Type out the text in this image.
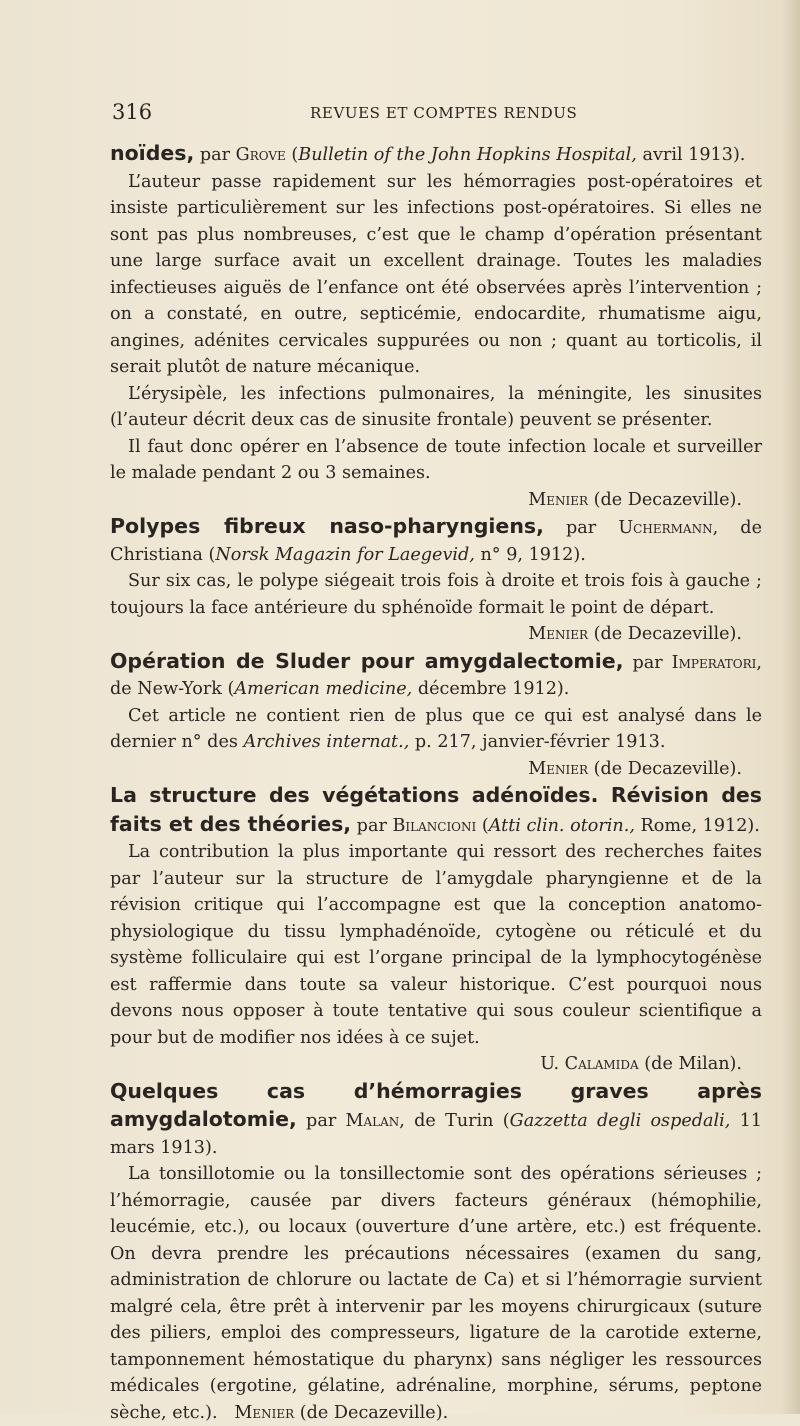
316	REVUES ET COMPTES RENDUS

noïdes, par Grove (Bulletin of the John Hopkins Hospital, avril 1913).

L’auteur passe rapidement sur les hémorragies post-opératoires et insiste particulièrement sur les infections post-opératoires. Si elles ne sont pas plus nombreuses, c’est que le champ d’opération présentant une large surface avait un excellent drainage. Toutes les maladies infectieuses aiguës de l’enfance ont été observées après l’intervention ; on a constaté, en outre, septicémie, endocardite, rhumatisme aigu, angines, adénites cervicales suppurées ou non ; quant au torticolis, il serait plutôt de nature mécanique.

L’érysipèle, les infections pulmonaires, la méningite, les sinusites (l’auteur décrit deux cas de sinusite frontale) peuvent se présenter.

Il faut donc opérer en l’absence de toute infection locale et surveiller le malade pendant 2 ou 3 semaines.

Menier (de Decazeville).

Polypes fibreux naso-pharyngiens, par Uchermann, de Christiana (Norsk Magazin for Laegevid, n° 9, 1912).

Sur six cas, le polype siégeait trois fois à droite et trois fois à gauche ; toujours la face antérieure du sphénoïde formait le point de départ.

Menier (de Decazeville).

Opération de Sluder pour amygdalectomie, par Imperatori, de New-York (American medicine, décembre 1912).

Cet article ne contient rien de plus que ce qui est analysé dans le dernier n° des Archives internat., p. 217, janvier-février 1913.

Menier (de Decazeville).

La structure des végétations adénoïdes. Révision des faits et des théories, par Bilancioni (Atti clin. otorin., Rome, 1912).

La contribution la plus importante qui ressort des recherches faites par l’auteur sur la structure de l’amygdale pharyngienne et de la révision critique qui l’accompagne est que la conception anatomo-physiologique du tissu lymphadénoïde, cytogène ou réticulé et du système folliculaire qui est l’organe principal de la lymphocytogénèse est raffermie dans toute sa valeur historique. C’est pourquoi nous devons nous opposer à toute tentative qui sous couleur scientifique a pour but de modifier nos idées à ce sujet.

U. Calamida (de Milan).

Quelques cas d’hémorragies graves après amygdalotomie, par Malan, de Turin (Gazzetta degli ospedali, 11 mars 1913).

La tonsillotomie ou la tonsillectomie sont des opérations sérieuses ; l’hémorragie, causée par divers facteurs généraux (hémophilie, leucémie, etc.), ou locaux (ouverture d’une artère, etc.) est fréquente. On devra prendre les précautions nécessaires (examen du sang, administration de chlorure ou lactate de Ca) et si l’hémorragie survient malgré cela, être prêt à intervenir par les moyens chirurgicaux (suture des piliers, emploi des compresseurs, ligature de la carotide externe, tamponnement hémostatique du pharynx) sans négliger les ressources médicales (ergotine, gélatine, adrénaline, morphine, sérums, peptone sèche, etc.). Menier (de Decazeville).
